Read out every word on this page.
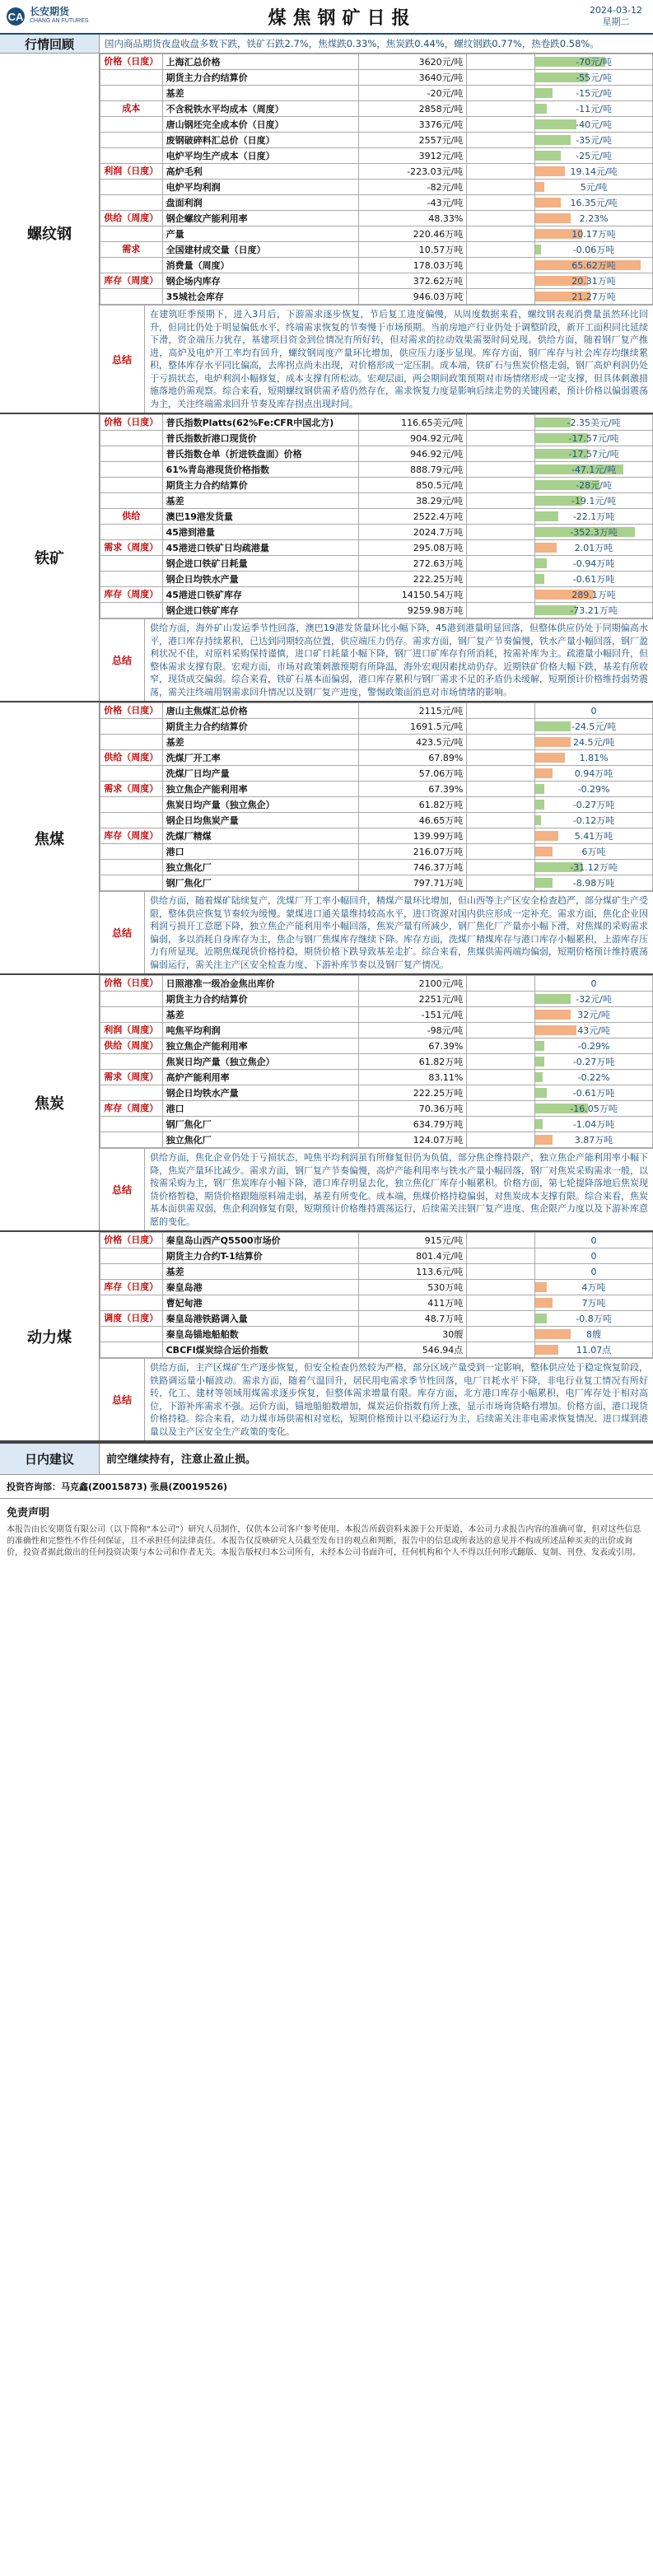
CA 长安期货
CHANG AN FUTURES	煤焦钢矿日报	2024-03-12
星期二
行情回顾	国内商品期货夜盘收盘多数下跌，铁矿石跌2.7%，焦煤跌0.33%，焦炭跌0.44%，螺纹钢跌0.77%，热卷跌0.58%。
螺纹钢
价格（日度）	上海汇总价格	3620元/吨		-70元/吨
	期货主力合约结算价	3640元/吨		-55元/吨
	基差	-20元/吨		-15元/吨
成本	不含税铁水平均成本（周度）	2858元/吨		-11元/吨
	唐山钢坯完全成本价（日度）	3376元/吨		-40元/吨
	废钢破碎料汇总价（日度）	2557元/吨		-35元/吨
	电炉平均生产成本（日度）	3912元/吨		-25元/吨
利润（日度）	高炉毛利	-223.03元/吨		19.14元/吨
	电炉平均利润	-82元/吨		5元/吨
	盘面利润	-43元/吨		16.35元/吨
供给（周度）	钢企螺纹产能利用率	48.33%		2.23%
	产量	220.46万吨		10.17万吨
需求	全国建材成交量（日度）	10.57万吨		-0.06万吨
	消费量（周度）	178.03万吨		65.62万吨
库存（周度）	钢企场内库存	372.62万吨		20.31万吨
	35城社会库存	946.03万吨		21.27万吨
总结
在建筑旺季预期下，进入3月后，下游需求逐步恢复，节后复工进度偏慢，从周度数据来看，螺纹钢表观消费量虽然环比回升，但同比仍处于明显偏低水平，终端需求恢复的节奏慢于市场预期。当前房地产行业仍处于调整阶段，新开工面积同比延续下滑，资金端压力犹存，基建项目资金到位情况有所好转，但对需求的拉动效果需要时间兑现。供给方面，随着钢厂复产推进，高炉及电炉开工率均有回升，螺纹钢周度产量环比增加，供应压力逐步显现。库存方面，钢厂库存与社会库存均继续累积，整体库存水平同比偏高，去库拐点尚未出现，对价格形成一定压制。成本端，铁矿石与焦炭价格走弱，钢厂高炉利润仍处于亏损状态，电炉利润小幅修复，成本支撑有所松动。宏观层面，两会期间政策预期对市场情绪形成一定支撑，但具体刺激措施落地仍需观察。综合来看，短期螺纹钢供需矛盾仍然存在，需求恢复力度是影响后续走势的关键因素，预计价格以偏弱震荡为主，关注终端需求回升节奏及库存拐点出现时间。
铁矿
价格（日度）	普氏指数Platts(62%Fe:CFR中国北方)	116.65美元/吨		-2.35美元/吨
	普氏指数折港口现货价	904.92元/吨		-17.57元/吨
	普氏指数仓单（折进铁盘面）价格	946.92元/吨		-17.57元/吨
	61%青岛港现货价格指数	888.79元/吨		-47.1元/吨
	期货主力合约结算价	850.5元/吨		-28元/吨
	基差	38.29元/吨		-19.1元/吨
供给	澳巴19港发货量	2522.4万吨		-22.1万吨
	45港到港量	2024.7万吨		-352.3万吨
需求（周度）	45港进口铁矿日均疏港量	295.08万吨		2.01万吨
	钢企进口铁矿日耗量	272.63万吨		-0.94万吨
	钢企日均铁水产量	222.25万吨		-0.61万吨
库存（周度）	45港进口铁矿库存	14150.54万吨		289.1万吨
	钢企进口铁矿库存	9259.98万吨		-73.21万吨
总结
供给方面，海外矿山发运季节性回落，澳巴19港发货量环比小幅下降，45港到港量明显回落，但整体供应仍处于同期偏高水平，港口库存持续累积，已达到同期较高位置，供应端压力仍存。需求方面，钢厂复产节奏偏慢，铁水产量小幅回落，钢厂盈利状况不佳，对原料采购保持谨慎，进口矿日耗量小幅下降，钢厂进口矿库存有所消耗，按需补库为主。疏港量小幅回升，但整体需求支撑有限。宏观方面，市场对政策刺激预期有所降温，海外宏观因素扰动仍存。近期铁矿价格大幅下跌，基差有所收窄，现货成交偏弱。综合来看，铁矿石基本面偏弱，港口库存累积与钢厂需求不足的矛盾仍未缓解，短期预计价格维持弱势震荡，需关注终端用钢需求回升情况以及钢厂复产进度，警惕政策面消息对市场情绪的影响。
焦煤
价格（日度）	唐山主焦煤汇总价格	2115元/吨		0
	期货主力合约结算价	1691.5元/吨		-24.5元/吨
	基差	423.5元/吨		24.5元/吨
供给（周度）	洗煤厂开工率	67.89%		1.81%
	洗煤厂日均产量	57.06万吨		0.94万吨
需求（周度）	独立焦企产能利用率	67.39%		-0.29%
	焦炭日均产量（独立焦企）	61.82万吨		-0.27万吨
	钢企日均焦炭产量	46.65万吨		-0.12万吨
库存（周度）	洗煤厂精煤	139.99万吨		5.41万吨
	港口	216.07万吨		6万吨
	独立焦化厂	746.37万吨		-31.12万吨
	钢厂焦化厂	797.71万吨		-8.98万吨
总结
供给方面，随着煤矿陆续复产，洗煤厂开工率小幅回升，精煤产量环比增加，但山西等主产区安全检查趋严，部分煤矿生产受限，整体供应恢复节奏较为缓慢。蒙煤进口通关量维持较高水平，进口资源对国内供应形成一定补充。需求方面，焦化企业因利润亏损开工意愿下降，独立焦企产能利用率小幅回落，焦炭产量有所减少，钢厂焦化厂产量亦小幅下滑，对焦煤的采购需求偏弱，多以消耗自身库存为主，焦企与钢厂焦煤库存继续下降。库存方面，洗煤厂精煤库存与港口库存小幅累积，上游库存压力有所显现。近期焦煤现货价格持稳，期货价格下跌导致基差走扩。综合来看，焦煤供需两端均偏弱，短期价格预计维持震荡偏弱运行，需关注主产区安全检查力度、下游补库节奏以及钢厂复产情况。
焦炭
价格（日度）	日照港准一级冶金焦出库价	2100元/吨		0
	期货主力合约结算价	2251元/吨		-32元/吨
	基差	-151元/吨		32元/吨
利润（周度）	吨焦平均利润	-98元/吨		43元/吨
供给（周度）	独立焦企产能利用率	67.39%		-0.29%
	焦炭日均产量（独立焦企）	61.82万吨		-0.27万吨
需求（周度）	高炉产能利用率	83.11%		-0.22%
	钢企日均铁水产量	222.25万吨		-0.61万吨
库存（周度）	港口	70.36万吨		-16.05万吨
	钢厂焦化厂	634.79万吨		-1.04万吨
	独立焦化厂	124.07万吨		3.87万吨
总结
供给方面，焦化企业仍处于亏损状态，吨焦平均利润虽有所修复但仍为负值，部分焦企维持限产，独立焦企产能利用率小幅下降，焦炭产量环比减少。需求方面，钢厂复产节奏偏慢，高炉产能利用率与铁水产量小幅回落，钢厂对焦炭采购需求一般，以按需采购为主，钢厂焦炭库存小幅下降，港口库存明显去化，独立焦化厂库存小幅累积。价格方面，第七轮提降落地后焦炭现货价格暂稳，期货价格跟随原料端走弱，基差有所变化。成本端，焦煤价格持稳偏弱，对焦炭成本支撑有限。综合来看，焦炭基本面供需双弱，焦企利润修复有限，短期预计价格维持震荡运行，后续需关注钢厂复产进度、焦企限产力度以及下游补库意愿的变化。
动力煤
价格（日度）	秦皇岛山西产Q5500市场价	915元/吨		0
	期货主力合约T-1结算价	801.4元/吨		0
	基差	113.6元/吨		0
库存（日度）	秦皇岛港	530万吨		4万吨
	曹妃甸港	411万吨		7万吨
调度（日度）	秦皇岛港铁路调入量	48.7万吨		-0.8万吨
	秦皇岛锚地船舶数	30艘		8艘
	CBCFI煤炭综合运价指数	546.94点		11.07点
总结
供给方面，主产区煤矿生产逐步恢复，但安全检查仍然较为严格，部分区域产量受到一定影响，整体供应处于稳定恢复阶段，铁路调运量小幅波动。需求方面，随着气温回升，居民用电需求季节性回落，电厂日耗水平下降，非电行业复工情况有所好转，化工、建材等领域用煤需求逐步恢复，但整体需求增量有限。库存方面，北方港口库存小幅累积，电厂库存处于相对高位，下游补库需求不强。运价方面，锚地船舶数增加，煤炭运价指数有所上涨，显示市场询货略有增加。价格方面，港口现货价格持稳。综合来看，动力煤市场供需相对宽松，短期价格预计以平稳运行为主，后续需关注非电需求恢复情况、进口煤到港量以及主产区安全生产政策的变化。
日内建议	前空继续持有，注意止盈止损。
投资咨询部：马克鑫(Z0015873) 张晨(Z0019526)
免责声明
本报告由长安期货有限公司（以下简称“本公司”）研究人员制作，仅供本公司客户参考使用。本报告所载资料来源于公开渠道，本公司力求报告内容的准确可靠，但对这些信息的准确性和完整性不作任何保证，且不承担任何法律责任。本报告仅反映研究人员截至发布日的观点和判断，报告中的信息或所表达的意见并不构成所述品种买卖的出价或询价，投资者据此做出的任何投资决策与本公司和作者无关。本报告版权归本公司所有，未经本公司书面许可，任何机构和个人不得以任何形式翻版、复制、刊登、发表或引用。
